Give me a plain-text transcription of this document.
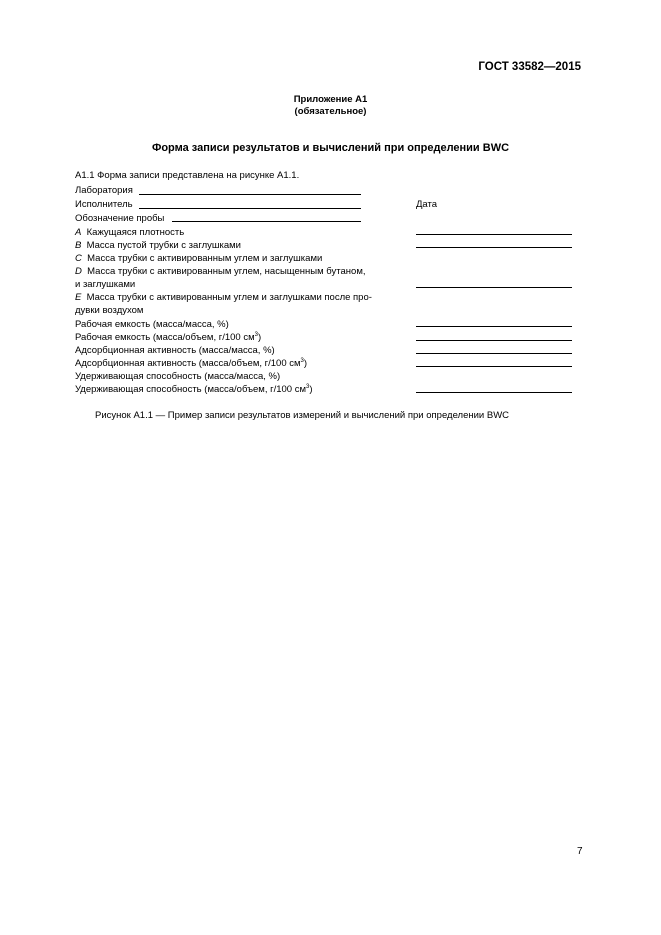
ГОСТ 33582—2015
Приложение А1
(обязательное)
Форма записи результатов и вычислений при определении BWC
А1.1 Форма записи представлена на рисунке А1.1.
Лаборатория
Исполнитель	Дата
Обозначение пробы
A Кажущаяся плотность
B Масса пустой трубки с заглушками
C Масса трубки с активированным углем и заглушками
D Масса трубки с активированным углем, насыщенным бутаном,
и заглушками
E Масса трубки с активированным углем и заглушками после про-
дувки воздухом
Рабочая емкость (масса/масса, %)
Рабочая емкость (масса/объем, г/100 $см^3$)
Адсорбционная активность (масса/масса, %)
Адсорбционная активность (масса/объем, г/100 $см^3$)
Удерживающая способность (масса/масса, %)
Удерживающая способность (масса/объем, г/100 $см^3$)
Рисунок А1.1 — Пример записи результатов измерений и вычислений при определении BWC
7
